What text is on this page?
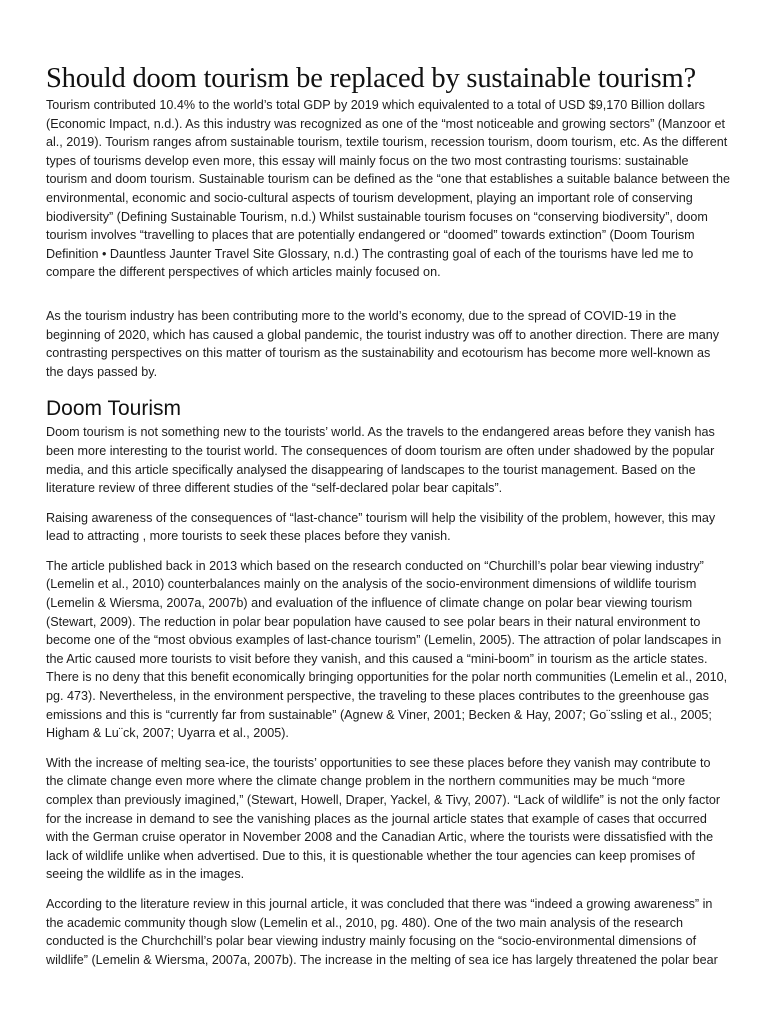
Should doom tourism be replaced by sustainable tourism?

Tourism contributed 10.4% to the world’s total GDP by 2019 which equivalented to a total of USD $9,170 Billion dollars (Economic Impact, n.d.). As this industry was recognized as one of the “most noticeable and growing sectors” (Manzoor et al., 2019). Tourism ranges afrom sustainable tourism, textile tourism, recession tourism, doom tourism, etc. As the different types of tourisms develop even more, this essay will mainly focus on the two most contrasting tourisms: sustainable tourism and doom tourism. Sustainable tourism can be defined as the “one that establishes a suitable balance between the environmental, economic and socio-cultural aspects of tourism development, playing an important role of conserving biodiversity” (Defining Sustainable Tourism, n.d.) Whilst sustainable tourism focuses on “conserving biodiversity”, doom tourism involves “travelling to places that are potentially endangered or “doomed” towards extinction” (Doom Tourism Definition • Dauntless Jaunter Travel Site Glossary, n.d.) The contrasting goal of each of the tourisms have led me to compare the different perspectives of which articles mainly focused on.

As the tourism industry has been contributing more to the world’s economy, due to the spread of COVID-19 in the beginning of 2020, which has caused a global pandemic, the tourist industry was off to another direction. There are many contrasting perspectives on this matter of tourism as the sustainability and ecotourism has become more well-known as the days passed by.

Doom Tourism

Doom tourism is not something new to the tourists’ world. As the travels to the endangered areas before they vanish has been more interesting to the tourist world. The consequences of doom tourism are often under shadowed by the popular media, and this article specifically analysed the disappearing of landscapes to the tourist management. Based on the literature review of three different studies of the “self-declared polar bear capitals”.

Raising awareness of the consequences of “last-chance” tourism will help the visibility of the problem, however, this may lead to attracting , more tourists to seek these places before they vanish.

The article published back in 2013 which based on the research conducted on “Churchill’s polar bear viewing industry” (Lemelin et al., 2010) counterbalances mainly on the analysis of the socio-environment dimensions of wildlife tourism (Lemelin & Wiersma, 2007a, 2007b) and evaluation of the influence of climate change on polar bear viewing tourism (Stewart, 2009). The reduction in polar bear population have caused to see polar bears in their natural environment to become one of the “most obvious examples of last-chance tourism” (Lemelin, 2005). The attraction of polar landscapes in the Artic caused more tourists to visit before they vanish, and this caused a “mini-boom” in tourism as the article states. There is no deny that this benefit economically bringing opportunities for the polar north communities (Lemelin et al., 2010, pg. 473). Nevertheless, in the environment perspective, the traveling to these places contributes to the greenhouse gas emissions and this is “currently far from sustainable” (Agnew & Viner, 2001; Becken & Hay, 2007; Go¨ssling et al., 2005; Higham & Lu¨ck, 2007; Uyarra et al., 2005).

With the increase of melting sea-ice, the tourists’ opportunities to see these places before they vanish may contribute to the climate change even more where the climate change problem in the northern communities may be much “more complex than previously imagined,” (Stewart, Howell, Draper, Yackel, & Tivy, 2007). “Lack of wildlife” is not the only factor for the increase in demand to see the vanishing places as the journal article states that example of cases that occurred with the German cruise operator in November 2008 and the Canadian Artic, where the tourists were dissatisfied with the lack of wildlife unlike when advertised. Due to this, it is questionable whether the tour agencies can keep promises of seeing the wildlife as in the images.

According to the literature review in this journal article, it was concluded that there was “indeed a growing awareness” in the academic community though slow (Lemelin et al., 2010, pg. 480). One of the two main analysis of the research conducted is the Churchchill’s polar bear viewing industry mainly focusing on the “socio-environmental dimensions of wildlife” (Lemelin & Wiersma, 2007a, 2007b). The increase in the melting of sea ice has largely threatened the polar bear
